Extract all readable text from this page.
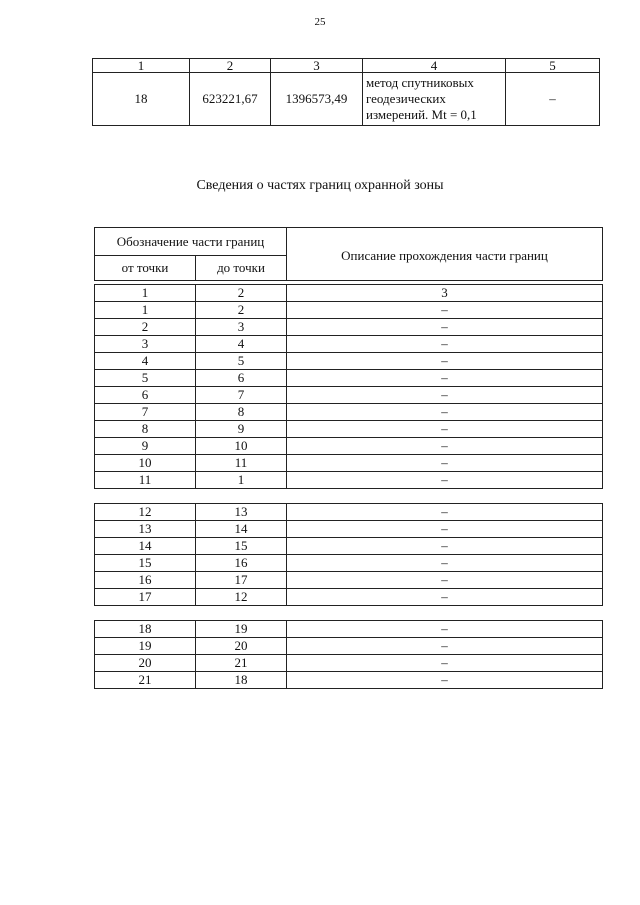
25
1	2	3	4	5
18	623221,67	1396573,49	метод спутниковых
геодезических
измерений. Mt = 0,1	–
Сведения о частях границ охранной зоны
Обозначение части границ		Описание прохождения части границ
от точки	до точки	

1	2	3
1	2	–
2	3	–
3	4	–
4	5	–
5	6	–
6	7	–
7	8	–
8	9	–
9	10	–
10	11	–
11	1	–

12	13	–
13	14	–
14	15	–
15	16	–
16	17	–
17	12	–

18	19	–
19	20	–
20	21	–
21	18	–
